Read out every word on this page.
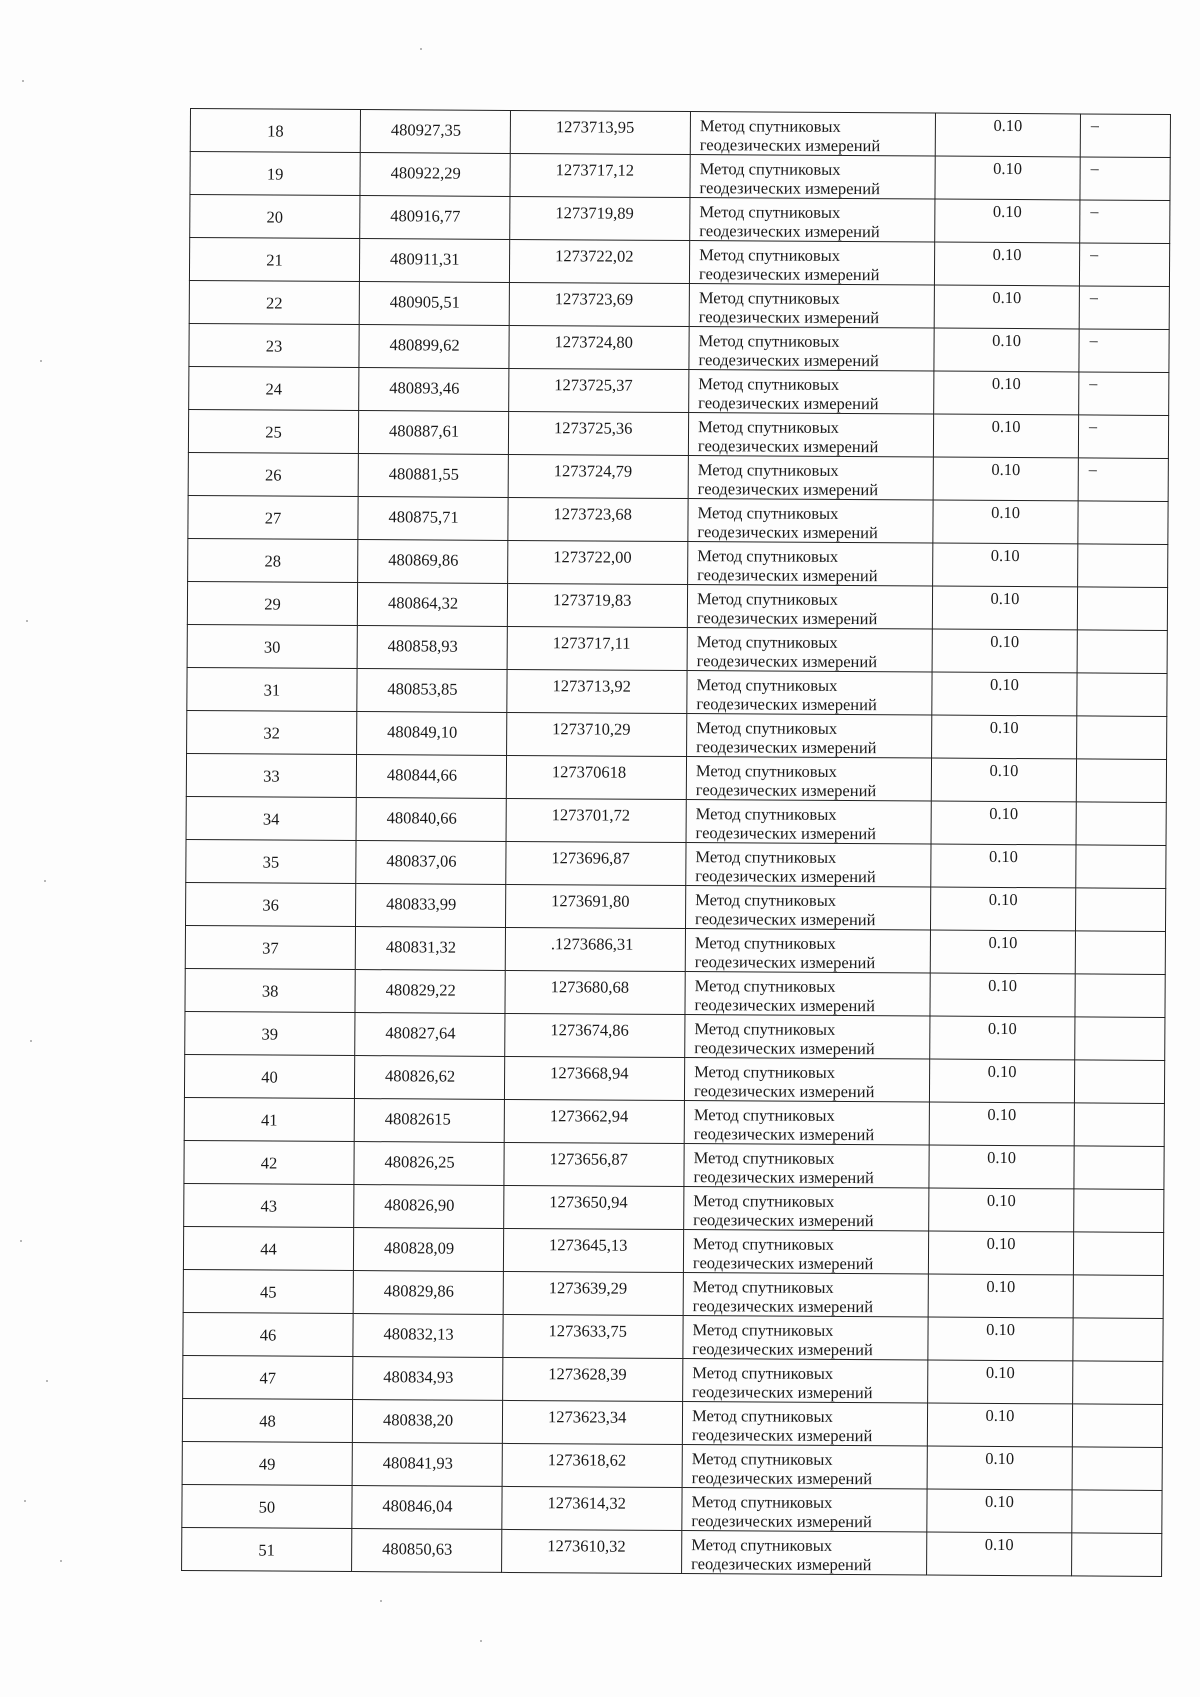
18	480927,35	1273713,95	Метод спутниковых
геодезических измерений	0.10	–
19	480922,29	1273717,12	Метод спутниковых
геодезических измерений	0.10	–
20	480916,77	1273719,89	Метод спутниковых
геодезических измерений	0.10	–
21	480911,31	1273722,02	Метод спутниковых
геодезических измерений	0.10	–
22	480905,51	1273723,69	Метод спутниковых
геодезических измерений	0.10	–
23	480899,62	1273724,80	Метод спутниковых
геодезических измерений	0.10	–
24	480893,46	1273725,37	Метод спутниковых
геодезических измерений	0.10	–
25	480887,61	1273725,36	Метод спутниковых
геодезических измерений	0.10	–
26	480881,55	1273724,79	Метод спутниковых
геодезических измерений	0.10	–
27	480875,71	1273723,68	Метод спутниковых
геодезических измерений	0.10	
28	480869,86	1273722,00	Метод спутниковых
геодезических измерений	0.10	
29	480864,32	1273719,83	Метод спутниковых
геодезических измерений	0.10	
30	480858,93	1273717,11	Метод спутниковых
геодезических измерений	0.10	
31	480853,85	1273713,92	Метод спутниковых
геодезических измерений	0.10	
32	480849,10	1273710,29	Метод спутниковых
геодезических измерений	0.10	
33	480844,66	127370618	Метод спутниковых
геодезических измерений	0.10	
34	480840,66	1273701,72	Метод спутниковых
геодезических измерений	0.10	
35	480837,06	1273696,87	Метод спутниковых
геодезических измерений	0.10	
36	480833,99	1273691,80	Метод спутниковых
геодезических измерений	0.10	
37	480831,32	.1273686,31	Метод спутниковых
геодезических измерений	0.10	
38	480829,22	1273680,68	Метод спутниковых
геодезических измерений	0.10	
39	480827,64	1273674,86	Метод спутниковых
геодезических измерений	0.10	
40	480826,62	1273668,94	Метод спутниковых
геодезических измерений	0.10	
41	48082615	1273662,94	Метод спутниковых
геодезических измерений	0.10	
42	480826,25	1273656,87	Метод спутниковых
геодезических измерений	0.10	
43	480826,90	1273650,94	Метод спутниковых
геодезических измерений	0.10	
44	480828,09	1273645,13	Метод спутниковых
геодезических измерений	0.10	
45	480829,86	1273639,29	Метод спутниковых
геодезических измерений	0.10	
46	480832,13	1273633,75	Метод спутниковых
геодезических измерений	0.10	
47	480834,93	1273628,39	Метод спутниковых
геодезических измерений	0.10	
48	480838,20	1273623,34	Метод спутниковых
геодезических измерений	0.10	
49	480841,93	1273618,62	Метод спутниковых
геодезических измерений	0.10	
50	480846,04	1273614,32	Метод спутниковых
геодезических измерений	0.10	
51	480850,63	1273610,32	Метод спутниковых
геодезических измерений	0.10	
